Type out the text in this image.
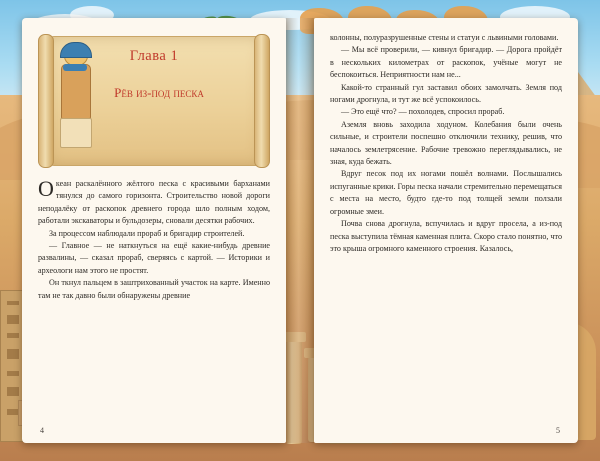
Глава 1
Рёв из-под песка

Океан раскалённого жёлтого песка с красивыми барханами тянулся до самого горизонта. Строительство новой дороги неподалёку от раскопок древнего города шло полным ходом, работали экскаваторы и бульдозеры, сновали десятки рабочих.

За процессом наблюдали прораб и бригадир строителей.

— Главное — не наткнуться на ещё какие-нибудь древние развалины, — сказал прораб, сверяясь с картой. — Историки и археологи нам этого не простят.

Он ткнул пальцем в заштрихованный участок на карте. Именно там не так давно были обнаружены древние

4

колонны, полуразрушенные стены и статуи с львиными головами.

— Мы всё проверили, — кивнул бригадир. — Дорога пройдёт в нескольких километрах от раскопок, учёные могут не беспокоиться. Неприятности нам не...

Какой-то странный гул заставил обоих замолчать. Земля под ногами дрогнула, и тут же всё успокоилось.

— Это ещё что? — похолодев, спросил прораб.

Аземля вновь заходила ходуном. Колебания были очень сильные, и строители поспешно отключили технику, решив, что началось землетрясение. Рабочие тревожно переглядывались, не зная, куда бежать.

Вдруг песок под их ногами пошёл волнами. Послышались испуганные крики. Горы песка начали стремительно перемещаться с места на место, будто где-то под толщей земли ползали огромные змеи.

Почва снова дрогнула, вспучилась и вдруг просела, а из-под песка выступила тёмная каменная плита. Скоро стало понятно, что это крыша огромного каменного строения. Казалось,

5
